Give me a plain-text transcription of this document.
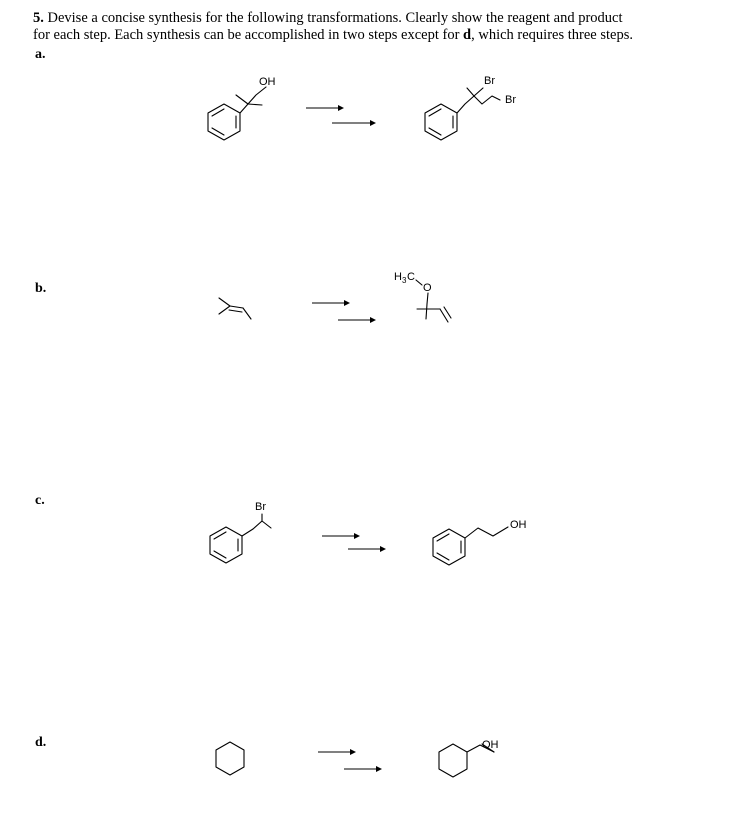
5. Devise a concise synthesis for the following transformations. Clearly show the reagent and product
for each step. Each synthesis can be accomplished in two steps except for d, which requires three steps.
a.
b.
c.
d.
OH	Br
Br
H 3 C
O
Br
OH
OH
